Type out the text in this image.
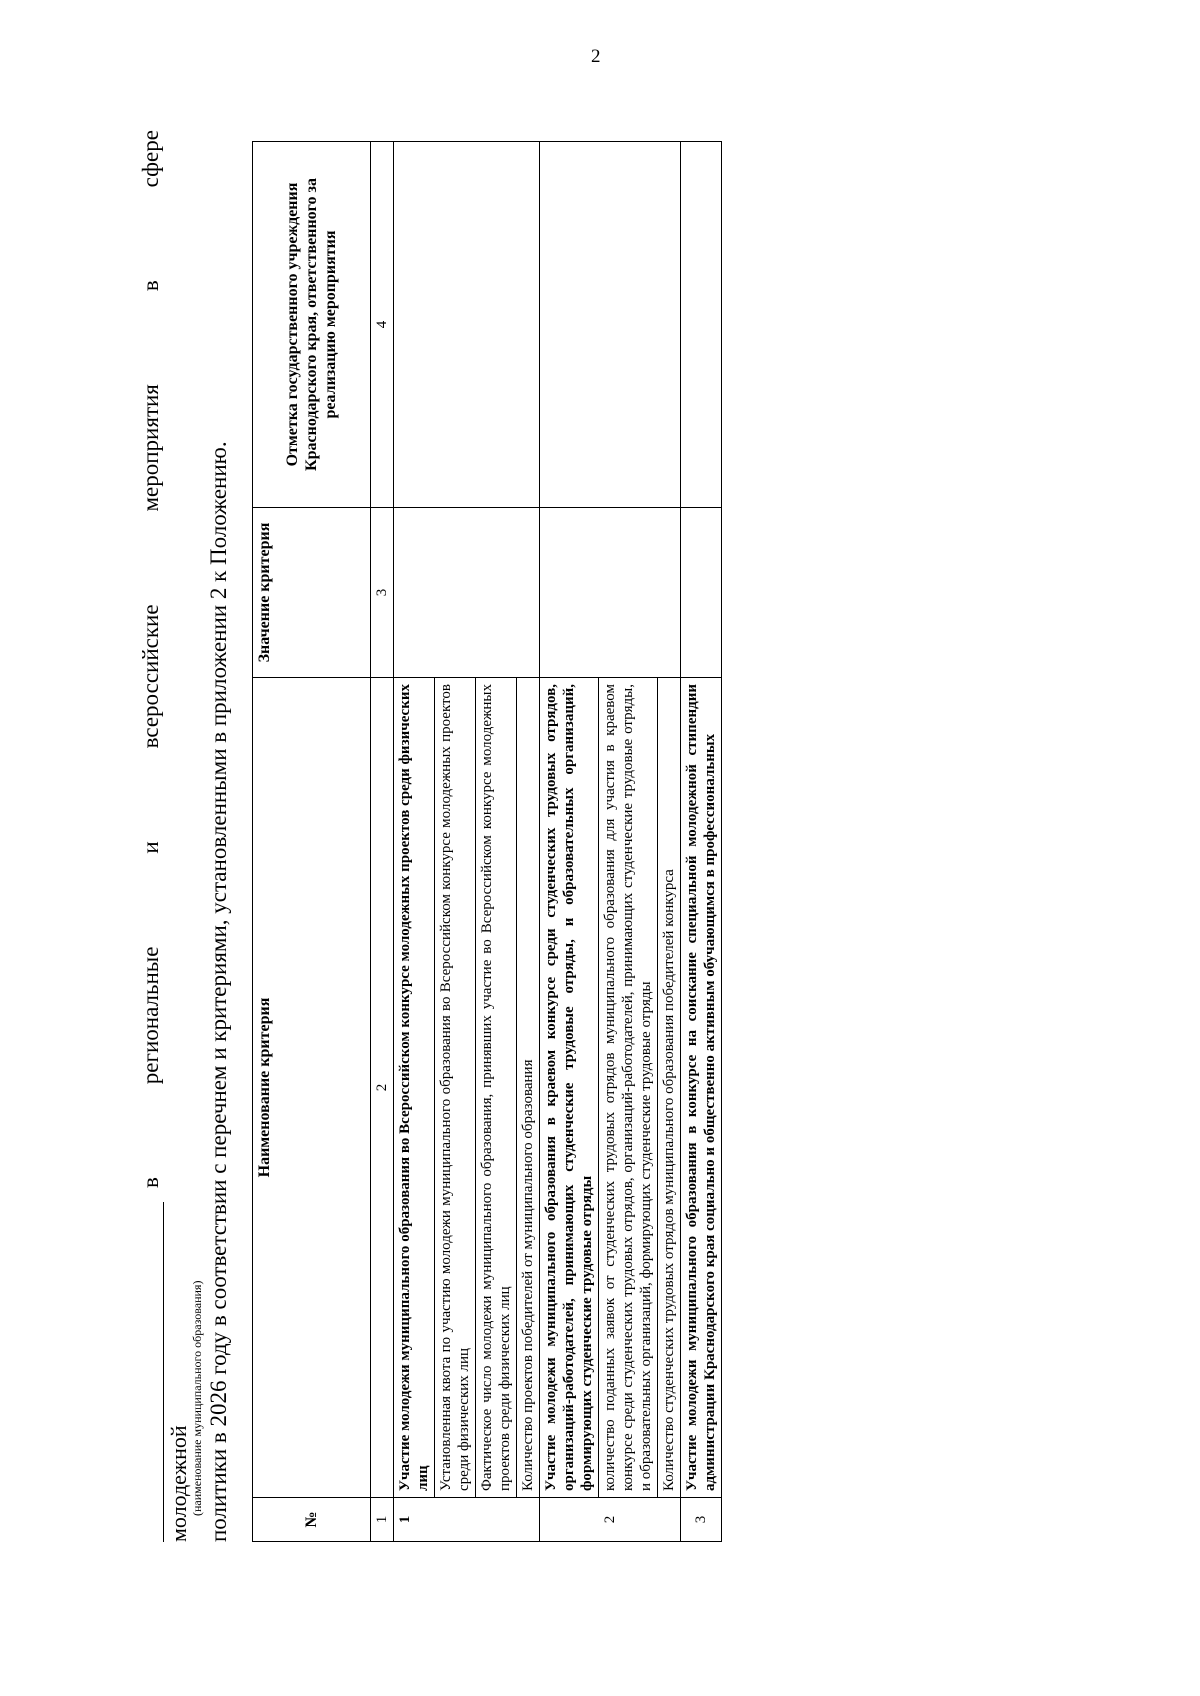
2
в
региональные
и
всероссийские
мероприятия
в
сфере
молодежной (наименование муниципального образования) политики в 2026 году в соответствии с перечнем и критериями, установленными в приложении 2 к Положению.	№	Наименование критерия	Значение критерия	Отметка государственного учреждения Краснодарского края, ответственного за реализацию мероприятия
1	2	3	4
1	Участие молодежи муниципального образования во Всероссийском конкурсе молодежных проектов среди физических лиц		
	Установленная квота по участию молодежи муниципального образования во Всероссийском конкурсе молодежных проектов среди физических лиц		
	Фактическое число молодежи муниципального образования, принявших участие во Всероссийском конкурсе молодежных проектов среди физических лиц		
	Количество проектов победителей от муниципального образования		
2	Участие молодежи муниципального образования в краевом конкурсе среди студенческих трудовых отрядов, организаций-работодателей, принимающих студенческие трудовые отряды, и образовательных организаций, формирующих студенческие трудовые отряды		
	количество поданных заявок от студенческих трудовых отрядов муниципального образования для участия в краевом конкурсе среди студенческих трудовых отрядов, организаций-работодателей, принимающих студенческие трудовые отряды, и образовательных организаций, формирующих студенческие трудовые отряды		
	Количество студенческих трудовых отрядов муниципального образования победителей конкурса		
3	Участие молодежи муниципального образования в конкурсе на соискание специальной молодежной стипендии администрации Краснодарского края социально и общественно активным обучающимся в профессиональных		
